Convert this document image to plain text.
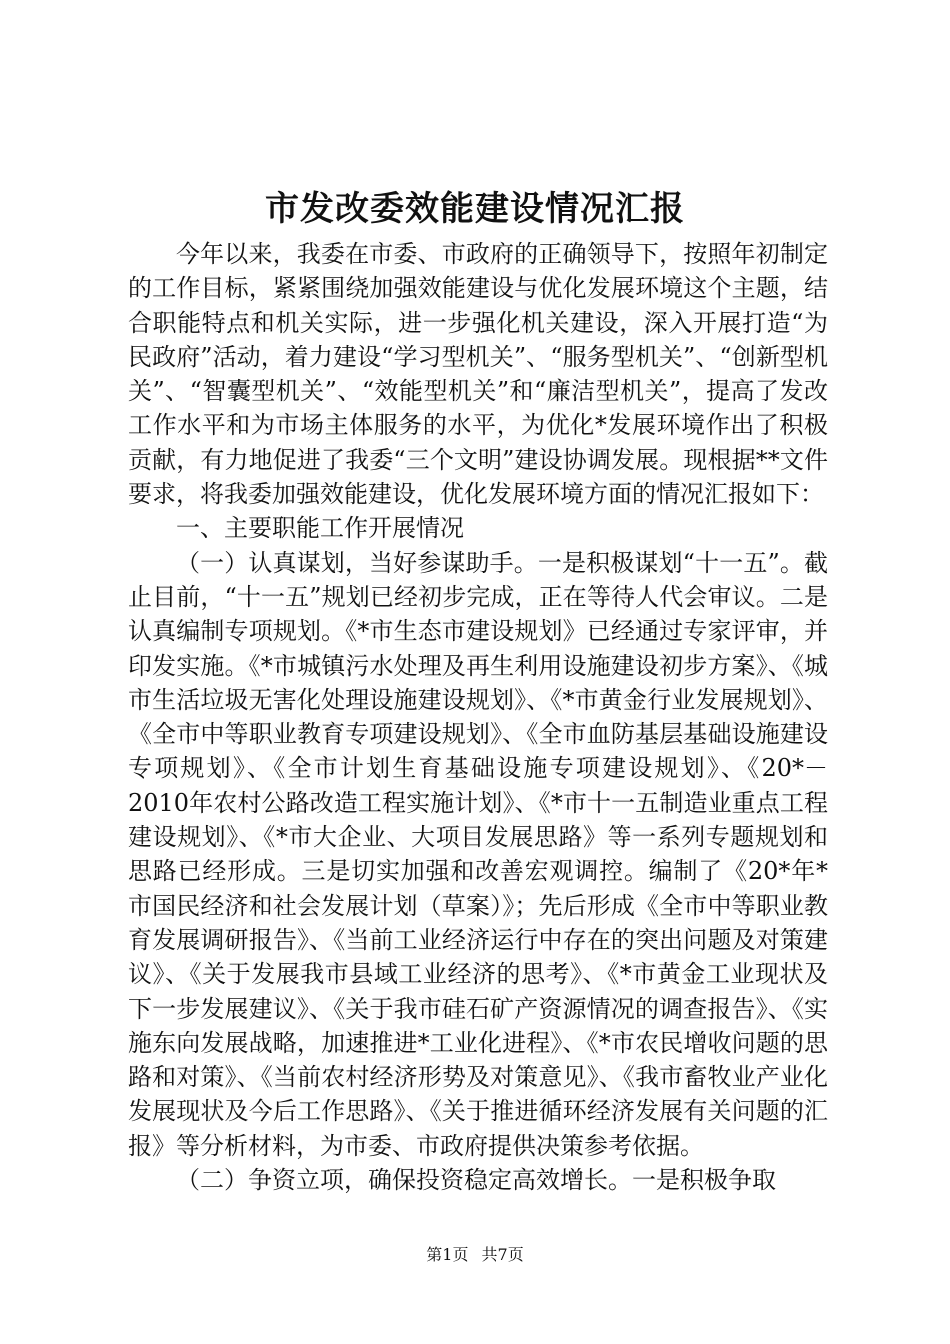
市发改委效能建设情况汇报

今年以来，我委在市委、市政府的正确领导下，按照年初制定的工作目标，紧紧围绕加强效能建设与优化发展环境这个主题，结合职能特点和机关实际，进一步强化机关建设，深入开展打造“为民政府”活动，着力建设“学习型机关”、“服务型机关”、“创新型机关”、“智囊型机关”、“效能型机关”和“廉洁型机关”，提高了发改工作水平和为市场主体服务的水平，为优化*发展环境作出了积极贡献，有力地促进了我委“三个文明”建设协调发展。现根据**文件要求，将我委加强效能建设，优化发展环境方面的情况汇报如下：

一、主要职能工作开展情况

（一）认真谋划，当好参谋助手。一是积极谋划“十一五”。截止目前，“十一五”规划已经初步完成，正在等待人代会审议。二是认真编制专项规划。《*市生态市建设规划》已经通过专家评审，并印发实施。《*市城镇污水处理及再生利用设施建设初步方案》、《城市生活垃圾无害化处理设施建设规划》、《*市黄金行业发展规划》、《全市中等职业教育专项建设规划》、《全市血防基层基础设施建设专项规划》、《全市计划生育基础设施专项建设规划》、《20*－2010年农村公路改造工程实施计划》、《*市十一五制造业重点工程建设规划》、《*市大企业、大项目发展思路》等一系列专题规划和思路已经形成。三是切实加强和改善宏观调控。编制了《20*年*市国民经济和社会发展计划（草案）》；先后形成《全市中等职业教育发展调研报告》、《当前工业经济运行中存在的突出问题及对策建议》、《关于发展我市县域工业经济的思考》、《*市黄金工业现状及下一步发展建议》、《关于我市硅石矿产资源情况的调查报告》、《实施东向发展战略，加速推进*工业化进程》、《*市农民增收问题的思路和对策》、《当前农村经济形势及对策意见》、《我市畜牧业产业化发展现状及今后工作思路》、《关于推进循环经济发展有关问题的汇报》等分析材料，为市委、市政府提供决策参考依据。

（二）争资立项，确保投资稳定高效增长。一是积极争取

第1页 共7页
